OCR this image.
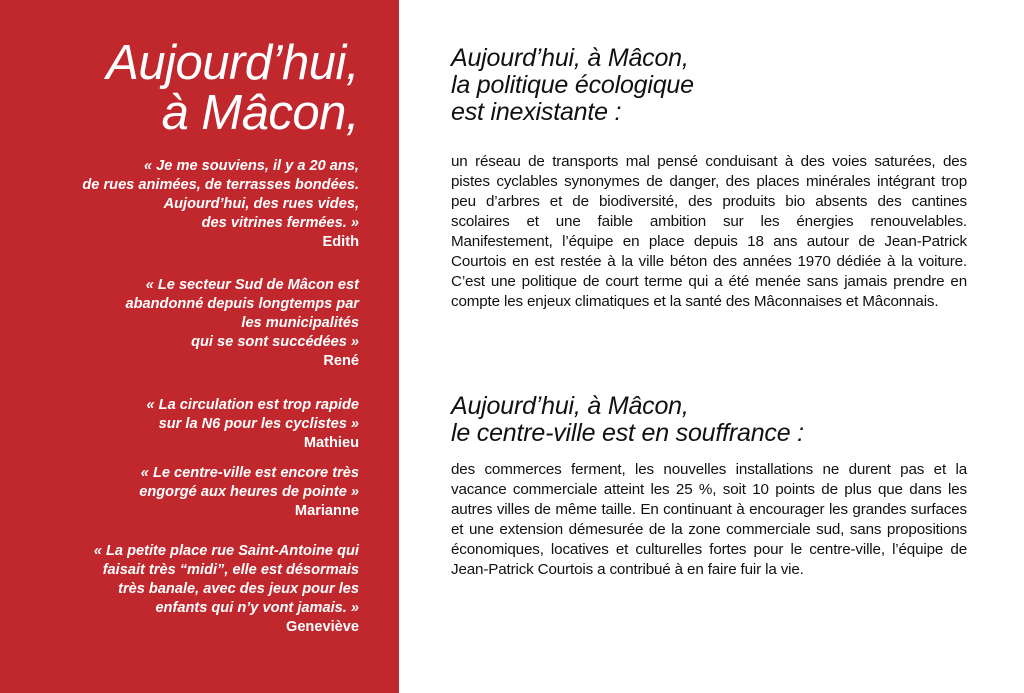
Aujourd’hui,
à Mâcon,
« Je me souviens, il y a 20 ans,
de rues animées, de terrasses bondées.
Aujourd’hui, des rues vides,
des vitrines fermées. »
Edith
« Le secteur Sud de Mâcon est
abandonné depuis longtemps par
les municipalités
qui se sont succédées »
René
« La circulation est trop rapide
sur la N6 pour les cyclistes »
Mathieu
« Le centre-ville est encore très
engorgé aux heures de pointe »
Marianne
« La petite place rue Saint-Antoine qui
faisait très “midi”, elle est désormais
très banale, avec des jeux pour les
enfants qui n’y vont jamais. »
Geneviève
Aujourd’hui, à Mâcon,
la politique écologique
est inexistante :

un réseau de transports mal pensé conduisant à des voies saturées, des pistes cyclables synonymes de danger, des places minérales intégrant trop peu d’arbres et de biodiversité, des produits bio absents des cantines scolaires et une faible ambition sur les énergies renouvelables. Manifestement, l’équipe en place depuis 18 ans autour de Jean-Patrick Courtois en est restée à la ville béton des années 1970 dédiée à la voiture. C’est une politique de court terme qui a été menée sans jamais prendre en compte les enjeux climatiques et la santé des Mâconnaises et Mâconnais.

Aujourd’hui, à Mâcon,
le centre-ville est en souffrance :

des commerces ferment, les nouvelles installations ne durent pas et la vacance commerciale atteint les 25 %, soit 10 points de plus que dans les autres villes de même taille. En continuant à encourager les grandes surfaces et une extension démesurée de la zone commerciale sud, sans propositions économiques, locatives et culturelles fortes pour le centre-ville, l’équipe de Jean-Patrick Courtois a contribué à en faire fuir la vie.
